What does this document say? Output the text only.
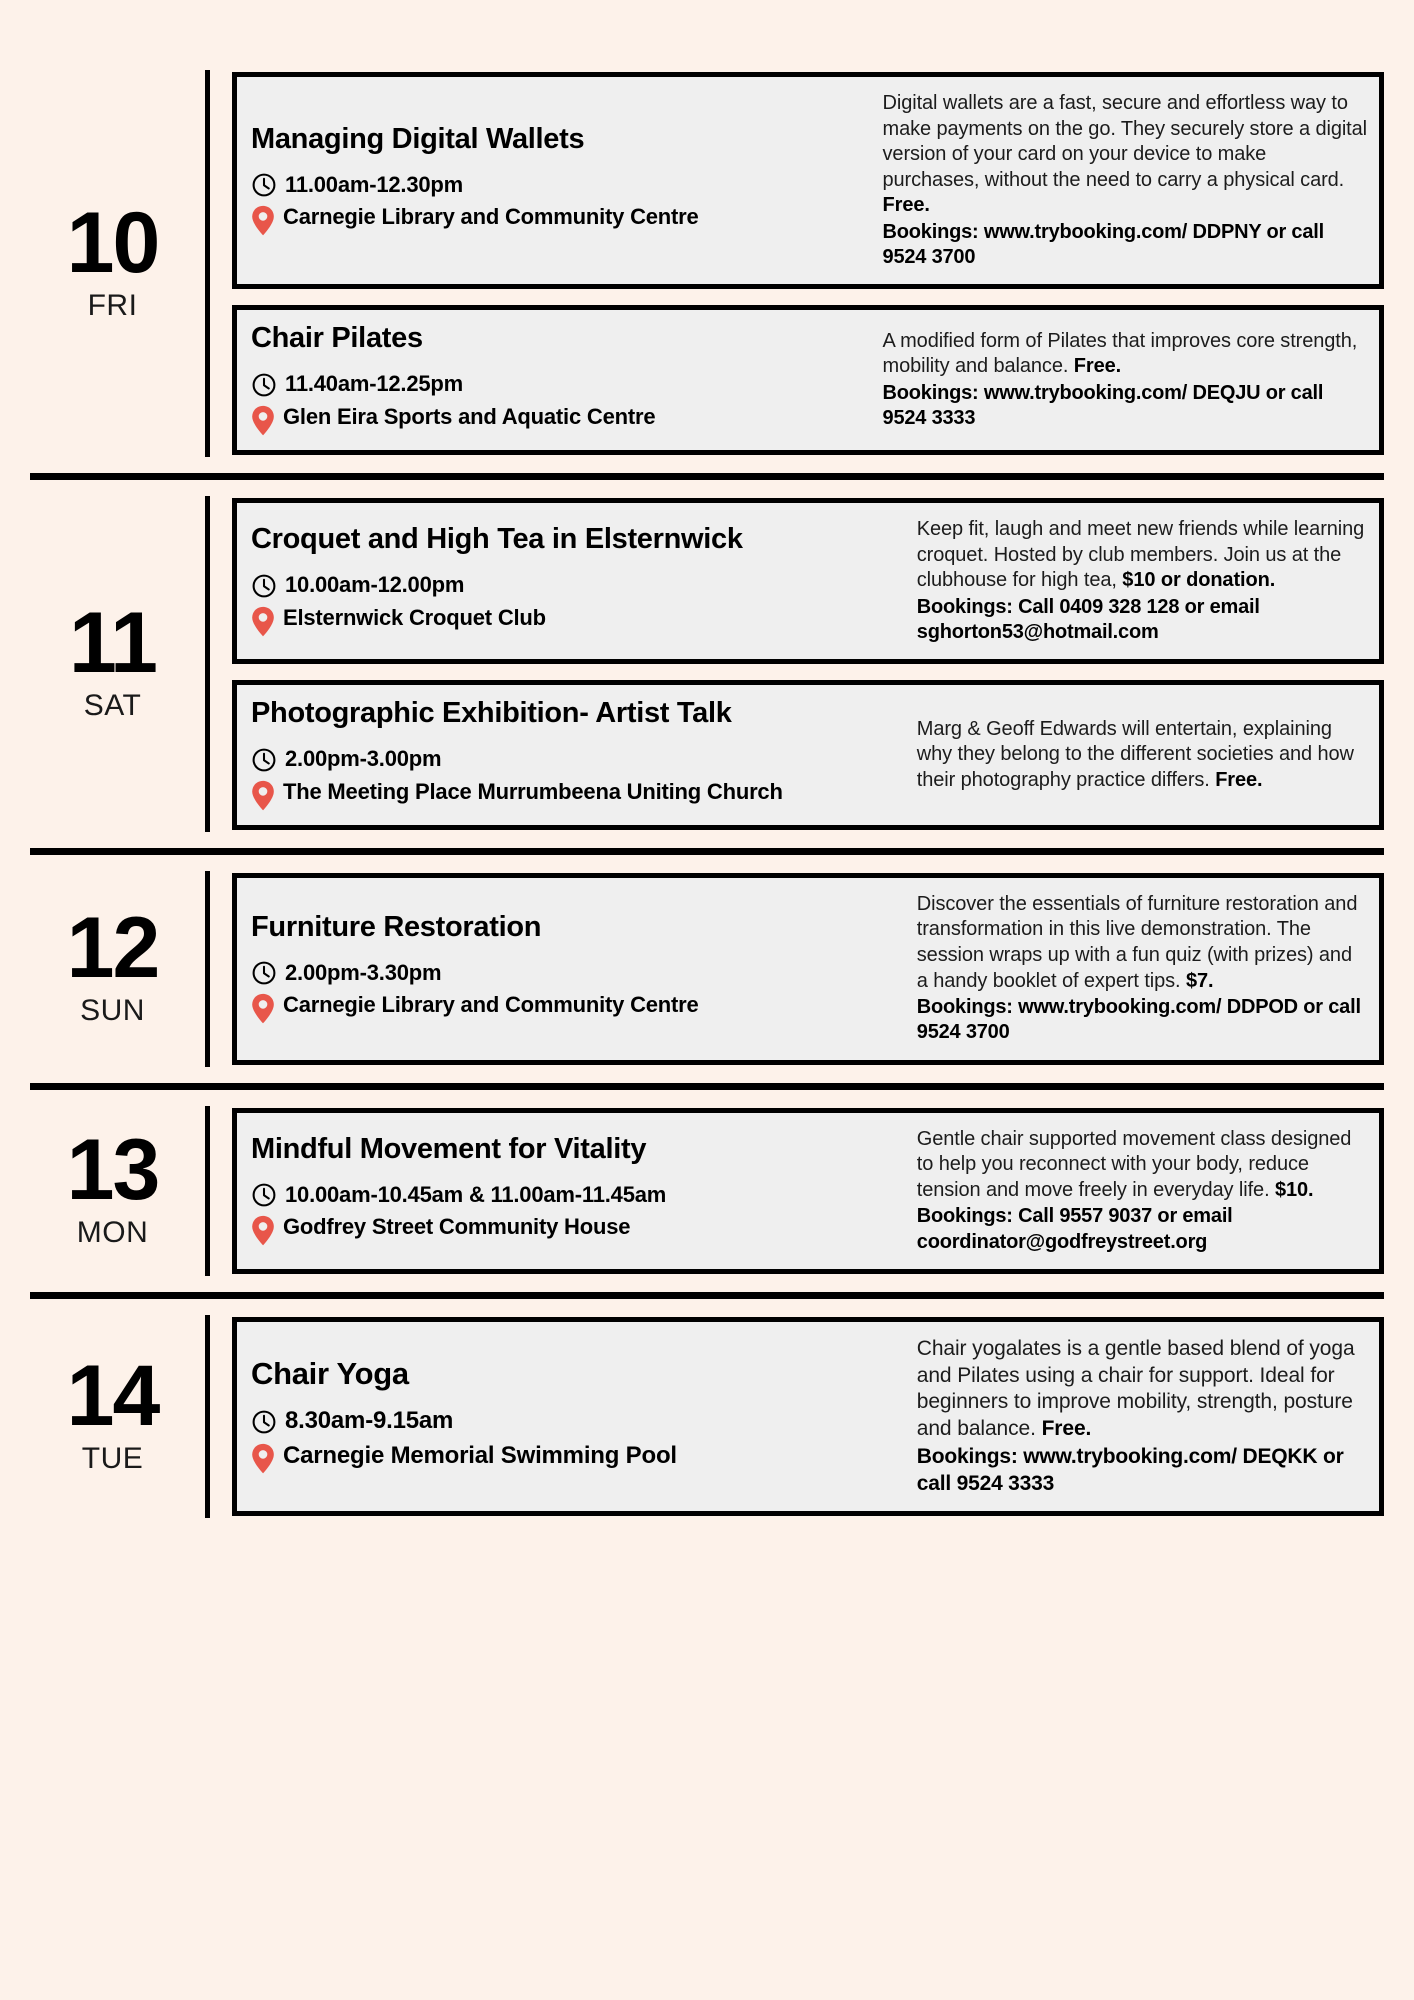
10
FRI
Managing Digital Wallets
11.00am-12.30pm
Carnegie Library and Community Centre
Digital wallets are a fast, secure and effortless way to make payments on the go. They securely store a digital version of your card on your device to make purchases, without the need to carry a physical card. Free.
Bookings: www.trybooking.com/ DDPNY or call 9524 3700
Chair Pilates
11.40am-12.25pm
Glen Eira Sports and Aquatic Centre
A modified form of Pilates that improves core strength, mobility and balance. Free.
Bookings: www.trybooking.com/ DEQJU or call 9524 3333
11
SAT
Croquet and High Tea in Elsternwick
10.00am-12.00pm
Elsternwick Croquet Club
Keep fit, laugh and meet new friends while learning croquet. Hosted by club members. Join us at the clubhouse for high tea, $10 or donation.
Bookings: Call 0409 328 128 or email sghorton53@hotmail.com
Photographic Exhibition- Artist Talk
2.00pm-3.00pm
The Meeting Place Murrumbeena Uniting Church
Marg & Geoff Edwards will entertain, explaining why they belong to the different societies and how their photography practice differs. Free.
12
SUN
Furniture Restoration
2.00pm-3.30pm
Carnegie Library and Community Centre
Discover the essentials of furniture restoration and transformation in this live demonstration. The session wraps up with a fun quiz (with prizes) and a handy booklet of expert tips. $7.
Bookings: www.trybooking.com/ DDPOD or call 9524 3700
13
MON
Mindful Movement for Vitality
10.00am-10.45am & 11.00am-11.45am
Godfrey Street Community House
Gentle chair supported movement class designed to help you reconnect with your body, reduce tension and move freely in everyday life. $10.
Bookings: Call 9557 9037 or email coordinator@godfreystreet.org
14
TUE
Chair Yoga
8.30am-9.15am
Carnegie Memorial Swimming Pool
Chair yogalates is a gentle based blend of yoga and Pilates using a chair for support. Ideal for beginners to improve mobility, strength, posture and balance. Free.
Bookings: www.trybooking.com/ DEQKK or call 9524 3333
